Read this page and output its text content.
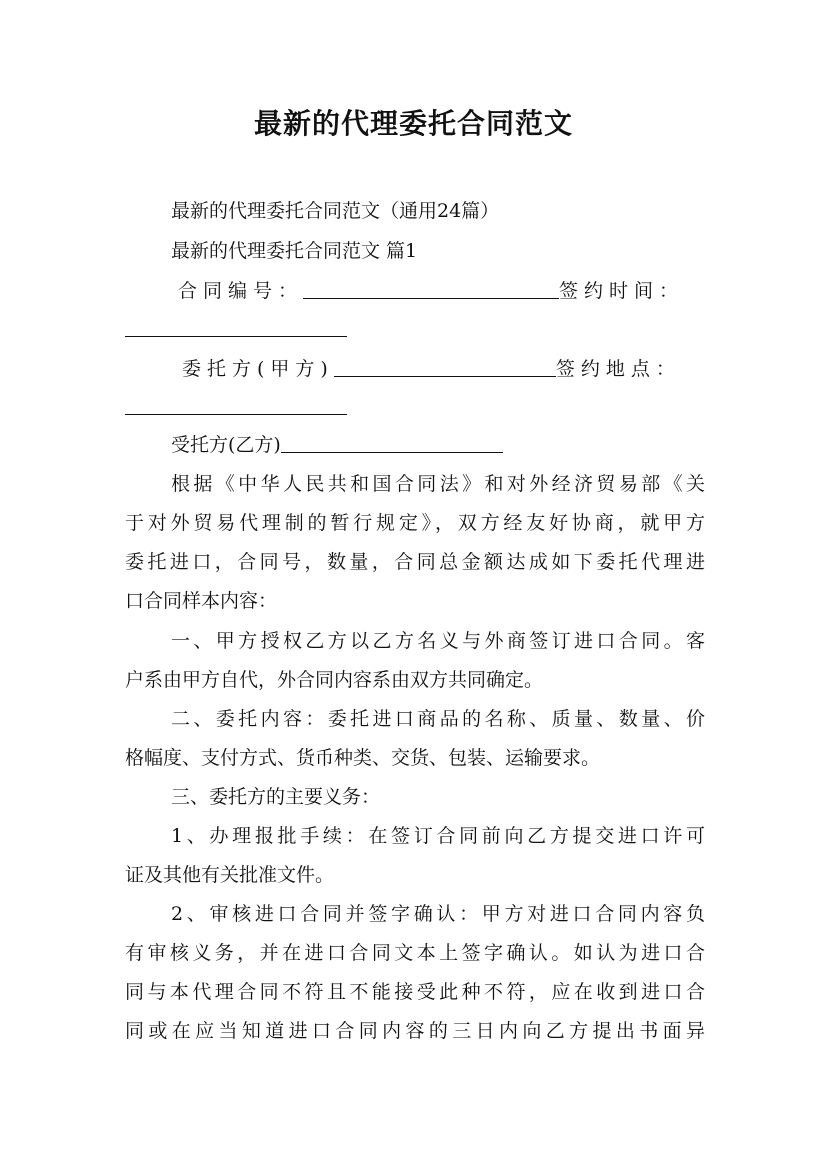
最新的代理委托合同范文
最新的代理委托合同范文（通用24篇）
最新的代理委托合同范文 篇1
合同编号：	签约时间：
委托方(甲方)	签约地点：
受托方(乙方)
根据《中华人民共和国合同法》和对外经济贸易部《关
于对外贸易代理制的暂行规定》，双方经友好协商，就甲方
委托进口，合同号，数量，合同总金额达成如下委托代理进
口合同样本内容：
一、甲方授权乙方以乙方名义与外商签订进口合同。客
户系由甲方自代，外合同内容系由双方共同确定。
二、委托内容：委托进口商品的名称、质量、数量、价
格幅度、支付方式、货币种类、交货、包装、运输要求。
三、委托方的主要义务：
1、办理报批手续：在签订合同前向乙方提交进口许可
证及其他有关批准文件。
2、审核进口合同并签字确认：甲方对进口合同内容负
有审核义务，并在进口合同文本上签字确认。如认为进口合
同与本代理合同不符且不能接受此种不符，应在收到进口合
同或在应当知道进口合同内容的三日内向乙方提出书面异
